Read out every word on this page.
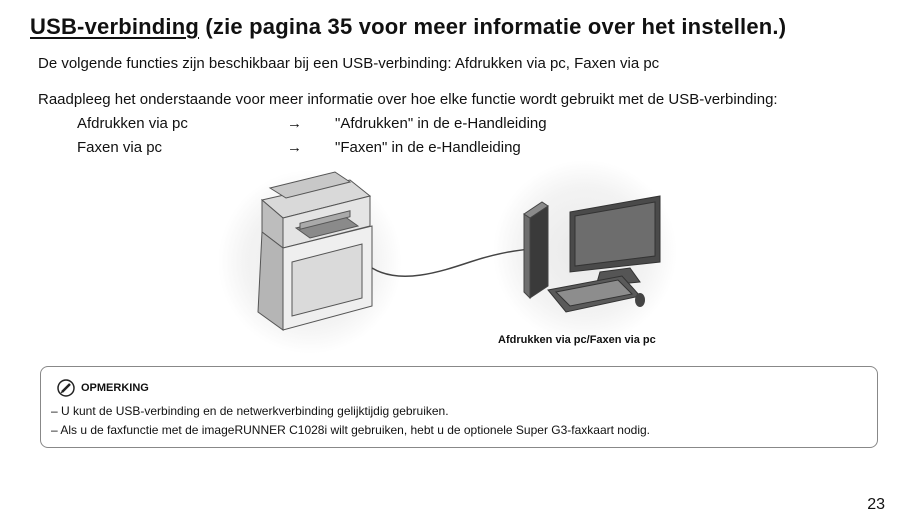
USB-verbinding (zie pagina 35 voor meer informatie over het instellen.)
De volgende functies zijn beschikbaar bij een USB-verbinding: Afdrukken via pc, Faxen via pc
Raadpleeg het onderstaande voor meer informatie over hoe elke functie wordt gebruikt met de USB-verbinding:
Afdrukken via pc	→ "Afdrukken" in de e-Handleiding
Faxen via pc	→ "Faxen" in de e-Handleiding
Afdrukken via pc/Faxen via pc
OPMERKING
– U kunt de USB-verbinding en de netwerkverbinding gelijktijdig gebruiken.
– Als u de faxfunctie met de imageRUNNER C1028i wilt gebruiken, hebt u de optionele Super G3-faxkaart nodig.
23
